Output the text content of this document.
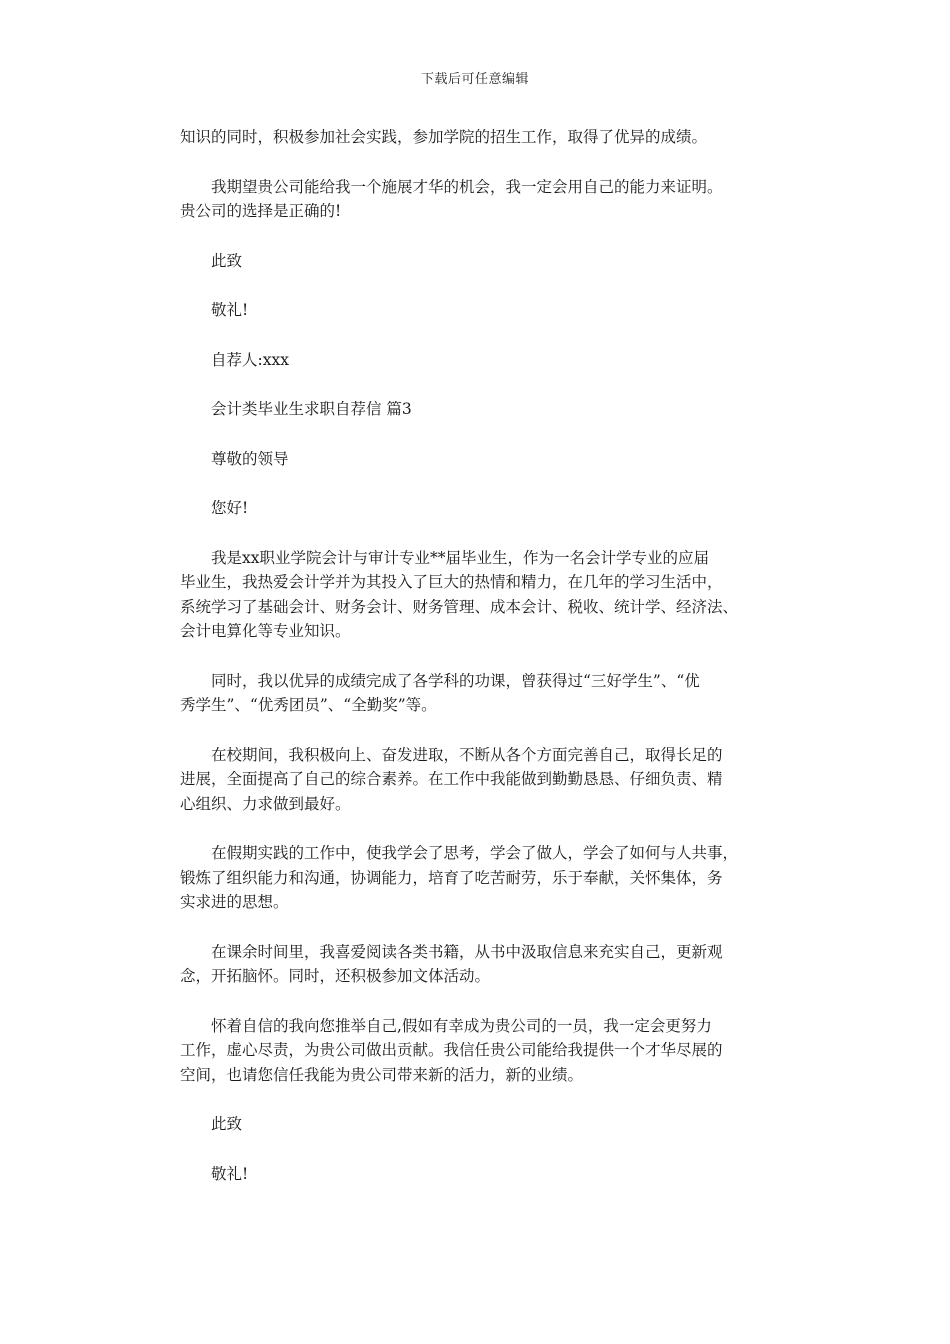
下载后可任意编辑

知识的同时，积极参加社会实践，参加学院的招生工作，取得了优异的成绩。

我期望贵公司能给我一个施展才华的机会，我一定会用自己的能力来证明。
贵公司的选择是正确的!

此致

敬礼!

自荐人:xxx

会计类毕业生求职自荐信 篇3

尊敬的领导

您好!

我是xx职业学院会计与审计专业**届毕业生，作为一名会计学专业的应届
毕业生，我热爱会计学并为其投入了巨大的热情和精力，在几年的学习生活中，
系统学习了基础会计、财务会计、财务管理、成本会计、税收、统计学、经济法、
会计电算化等专业知识。

同时，我以优异的成绩完成了各学科的功课，曾获得过“三好学生”、“优
秀学生”、“优秀团员”、“全勤奖”等。

在校期间，我积极向上、奋发进取，不断从各个方面完善自己，取得长足的
进展，全面提高了自己的综合素养。在工作中我能做到勤勤恳恳、仔细负责、精
心组织、力求做到最好。

在假期实践的工作中，使我学会了思考，学会了做人，学会了如何与人共事，
锻炼了组织能力和沟通，协调能力，培育了吃苦耐劳，乐于奉献，关怀集体，务
实求进的思想。

在课余时间里，我喜爱阅读各类书籍，从书中汲取信息来充实自己，更新观
念，开拓脑怀。同时，还积极参加文体活动。

怀着自信的我向您推举自己,假如有幸成为贵公司的一员，我一定会更努力
工作，虚心尽责，为贵公司做出贡献。我信任贵公司能给我提供一个才华尽展的
空间，也请您信任我能为贵公司带来新的活力，新的业绩。

此致

敬礼!
